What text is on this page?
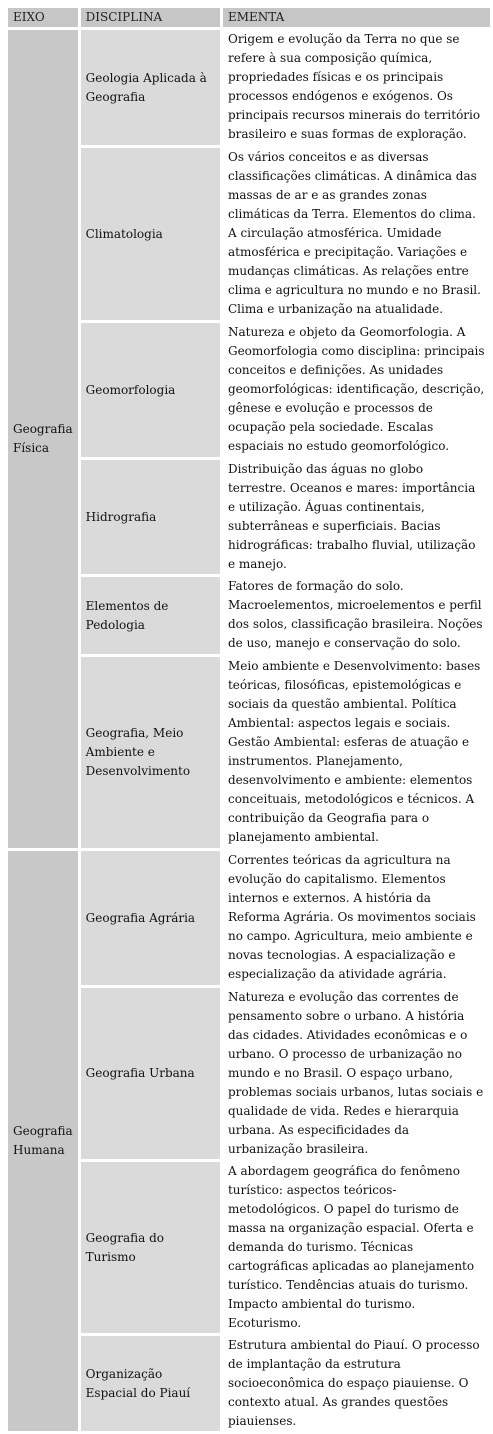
EIXO	DISCIPLINA	EMENTA
Geografia Física	Geologia Aplicada à Geografia	Origem e evolução da Terra no que se refere à sua composição química, propriedades físicas e os principais processos endógenos e exógenos. Os principais recursos minerais do território brasileiro e suas formas de exploração.
	Climatologia	Os vários conceitos e as diversas classificações climáticas. A dinâmica das massas de ar e as grandes zonas climáticas da Terra. Elementos do clima. A circulação atmosférica. Umidade atmosférica e precipitação. Variações e mudanças climáticas. As relações entre clima e agricultura no mundo e no Brasil. Clima e urbanização na atualidade.
	Geomorfologia	Natureza e objeto da Geomorfologia. A Geomorfologia como disciplina: principais conceitos e definições. As unidades geomorfológicas: identificação, descrição, gênese e evolução e processos de ocupação pela sociedade. Escalas espaciais no estudo geomorfológico.
	Hidrografia	Distribuição das águas no globo terrestre. Oceanos e mares: importância e utilização. Águas continentais, subterrâneas e superficiais. Bacias hidrográficas: trabalho fluvial, utilização e manejo.
	Elementos de Pedologia	Fatores de formação do solo. Macroelementos, microelementos e perfil dos solos, classificação brasileira. Noções de uso, manejo e conservação do solo.
	Geografia, Meio Ambiente e Desenvolvimento	Meio ambiente e Desenvolvimento: bases teóricas, filosóficas, epistemológicas e sociais da questão ambiental. Política Ambiental: aspectos legais e sociais. Gestão Ambiental: esferas de atuação e instrumentos. Planejamento, desenvolvimento e ambiente: elementos conceituais, metodológicos e técnicos. A contribuição da Geografia para o planejamento ambiental.
Geografia Humana	Geografia Agrária	Correntes teóricas da agricultura na evolução do capitalismo. Elementos internos e externos. A história da Reforma Agrária. Os movimentos sociais no campo. Agricultura, meio ambiente e novas tecnologias. A espacialização e especialização da atividade agrária.
	Geografia Urbana	Natureza e evolução das correntes de pensamento sobre o urbano. A história das cidades. Atividades econômicas e o urbano. O processo de urbanização no mundo e no Brasil. O espaço urbano, problemas sociais urbanos, lutas sociais e qualidade de vida. Redes e hierarquia urbana. As especificidades da urbanização brasileira.
	Geografia do Turismo	A abordagem geográfica do fenômeno turístico: aspectos teóricos-metodológicos. O papel do turismo de massa na organização espacial. Oferta e demanda do turismo. Técnicas cartográficas aplicadas ao planejamento turístico. Tendências atuais do turismo. Impacto ambiental do turismo. Ecoturismo.
	Organização Espacial do Piauí	Estrutura ambiental do Piauí. O processo de implantação da estrutura socioeconômica do espaço piauiense. O contexto atual. As grandes questões piauienses.
